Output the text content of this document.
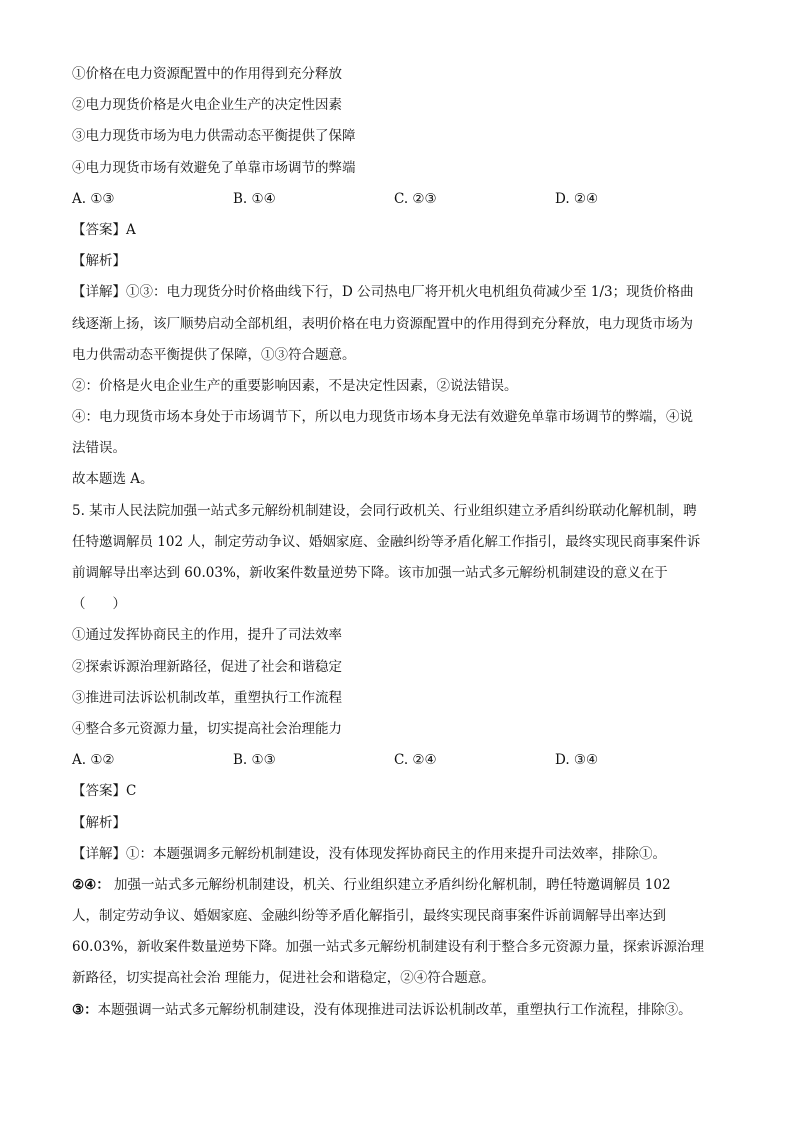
①价格在电力资源配置中的作用得到充分释放
②电力现货价格是火电企业生产的决定性因素
③电力现货市场为电力供需动态平衡提供了保障
④电力现货市场有效避免了单靠市场调节的弊端
A. ①③	B. ①④	C. ②③	D. ②④
【答案】A
【解析】
【详解】①③：电力现货分时价格曲线下行，D 公司热电厂将开机火电机组负荷减少至 1/3；现货价格曲
线逐渐上扬，该厂顺势启动全部机组，表明价格在电力资源配置中的作用得到充分释放，电力现货市场为
电力供需动态平衡提供了保障，①③符合题意。
②：价格是火电企业生产的重要影响因素，不是决定性因素，②说法错误。
④：电力现货市场本身处于市场调节下，所以电力现货市场本身无法有效避免单靠市场调节的弊端，④说
法错误。
故本题选 A。
5. 某市人民法院加强一站式多元解纷机制建设，会同行政机关、行业组织建立矛盾纠纷联动化解机制，聘
任特邀调解员 102 人，制定劳动争议、婚姻家庭、金融纠纷等矛盾化解工作指引，最终实现民商事案件诉
前调解导出率达到 60.03%，新收案件数量逆势下降。该市加强一站式多元解纷机制建设的意义在于
（　　）
①通过发挥协商民主的作用，提升了司法效率
②探索诉源治理新路径，促进了社会和谐稳定
③推进司法诉讼机制改革，重塑执行工作流程
④整合多元资源力量，切实提高社会治理能力
A. ①②	B. ①③	C. ②④	D. ③④
【答案】C
【解析】
【详解】①：本题强调多元解纷机制建设，没有体现发挥协商民主的作用来提升司法效率，排除①。
②④： 加强一站式多元解纷机制建设，机关、行业组织建立矛盾纠纷化解机制，聘任特邀调解员 102
人，制定劳动争议、婚姻家庭、金融纠纷等矛盾化解指引，最终实现民商事案件诉前调解导出率达到
60.03%，新收案件数量逆势下降。加强一站式多元解纷机制建设有利于整合多元资源力量，探索诉源治理
新路径，切实提高社会治 理能力，促进社会和谐稳定，②④符合题意。
③：本题强调一站式多元解纷机制建设，没有体现推进司法诉讼机制改革，重塑执行工作流程，排除③。
